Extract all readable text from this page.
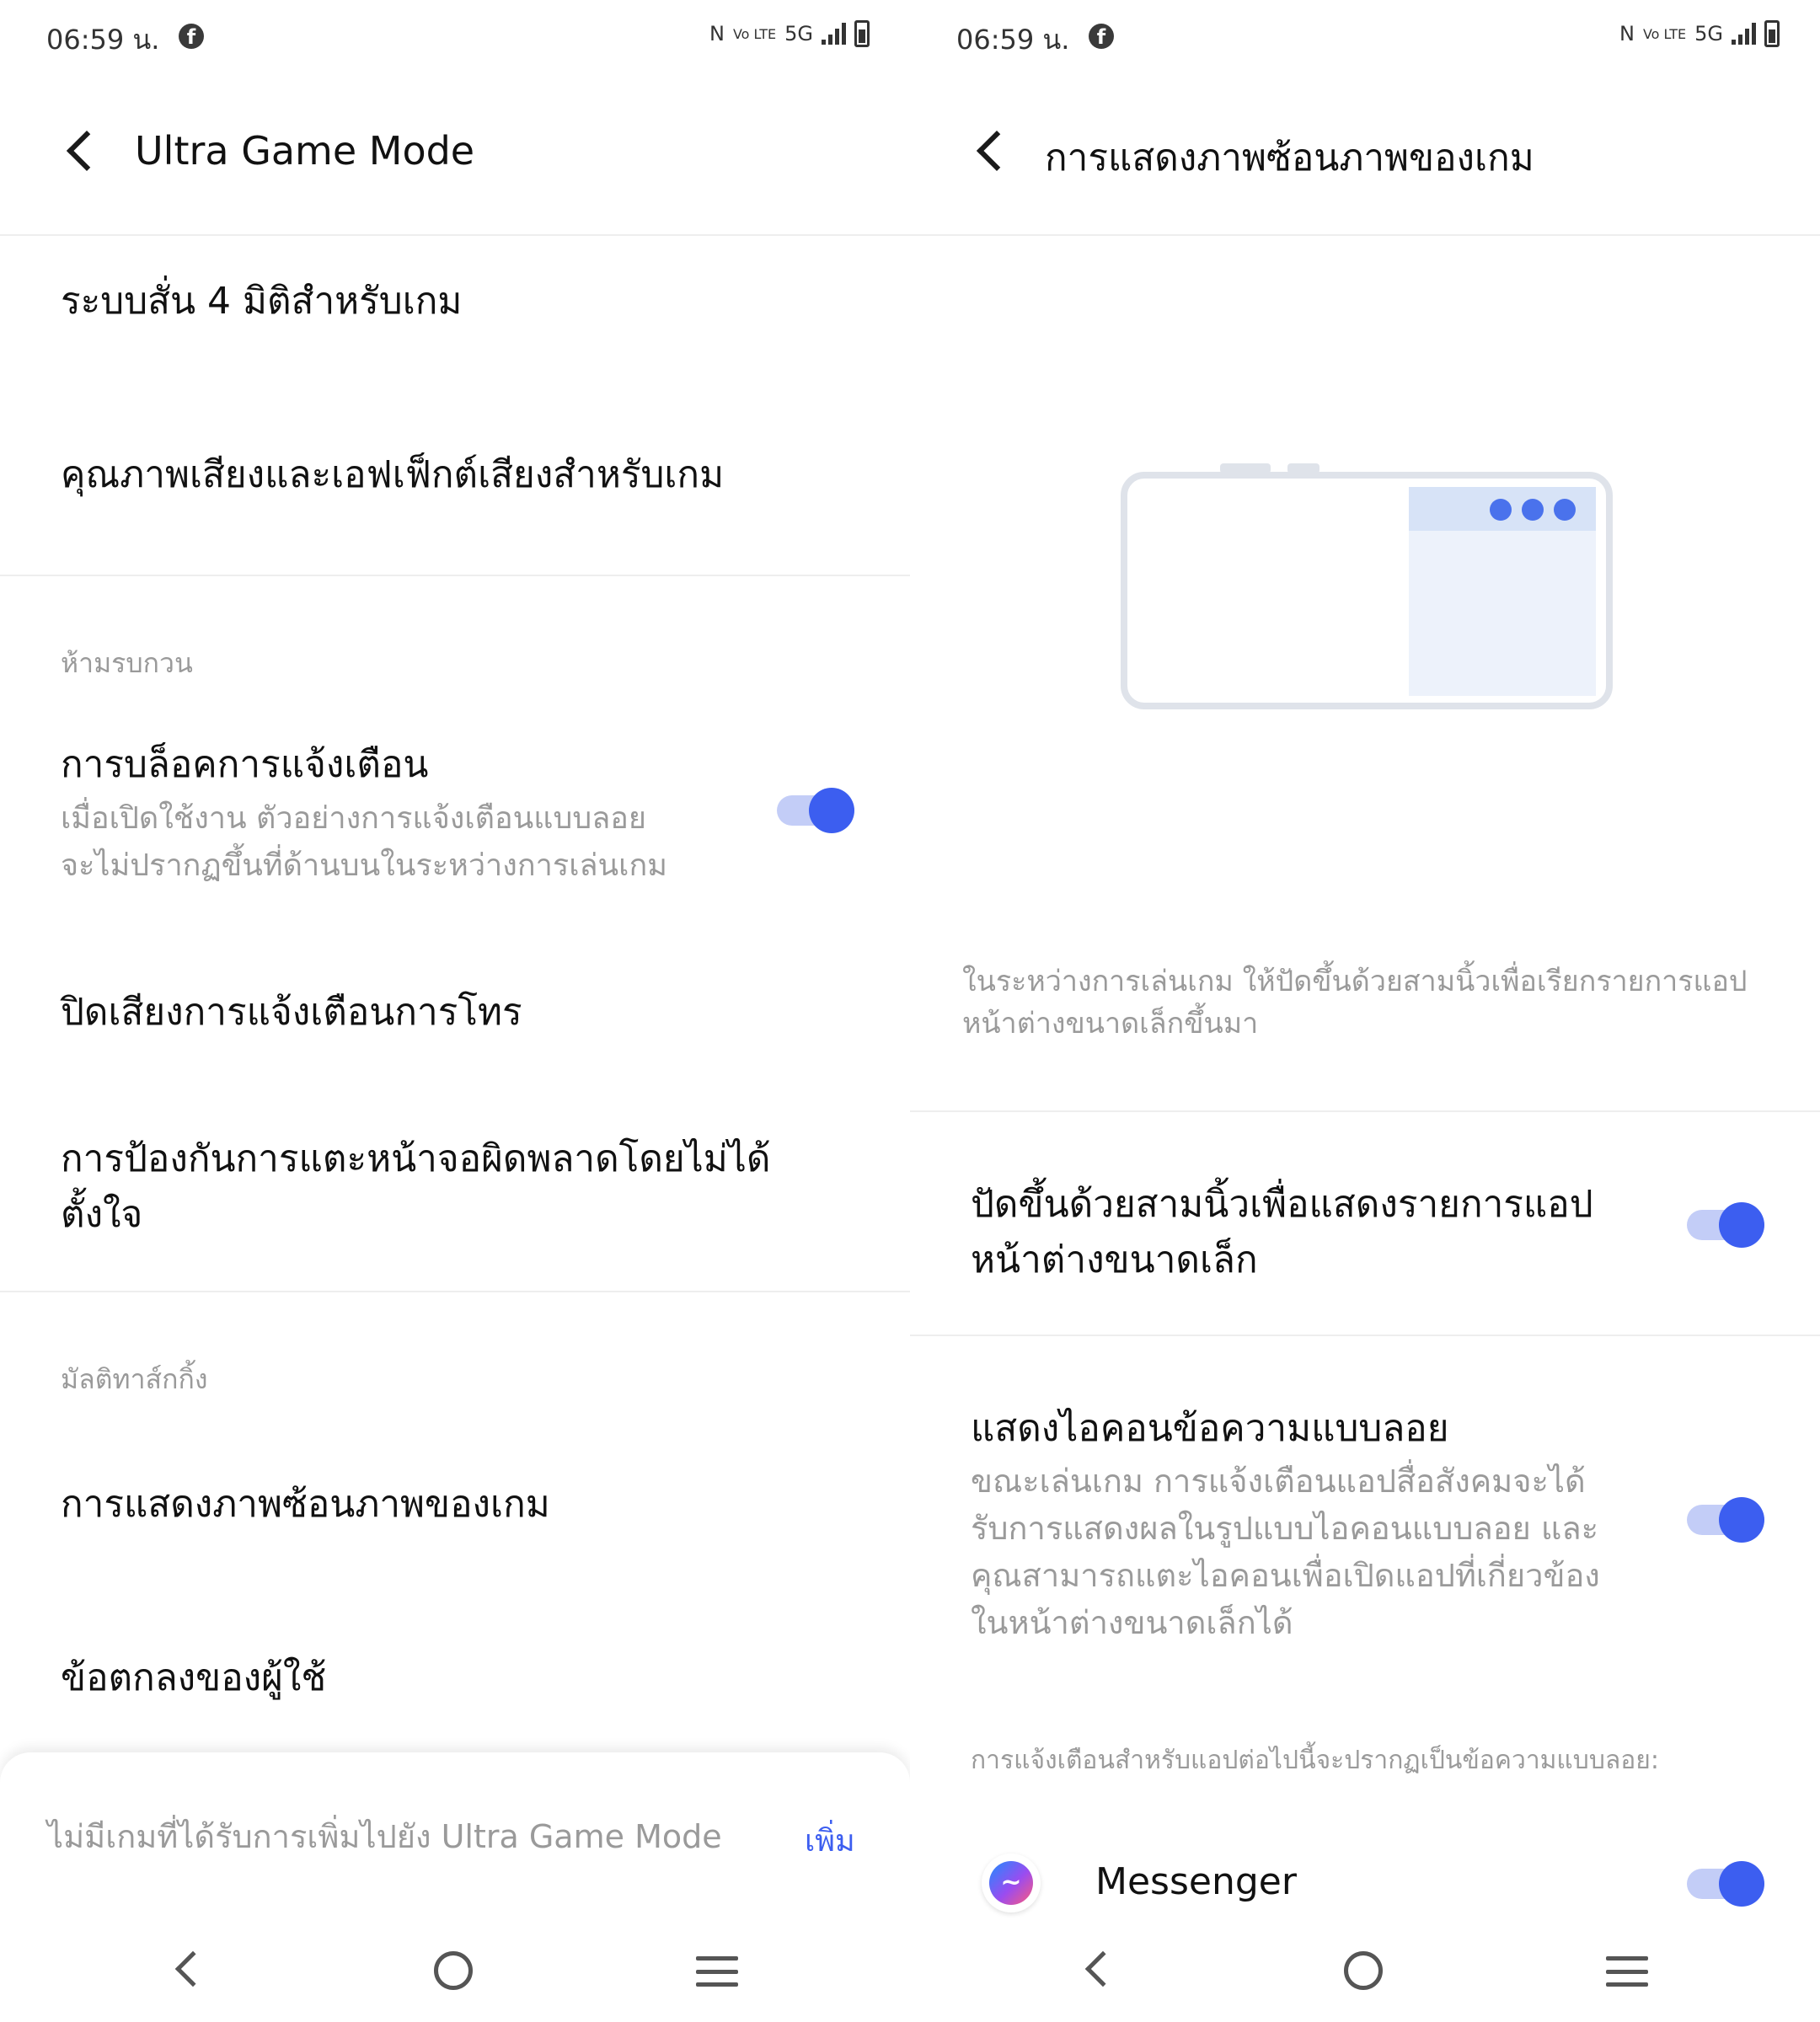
06:59 น.	f	N Vo LTE 5G
Ultra Game Mode
ระบบสั่น 4 มิติสำหรับเกม
คุณภาพเสียงและเอฟเฟ็กต์เสียงสำหรับเกม
ห้ามรบกวน
การบล็อคการแจ้งเตือน
เมื่อเปิดใช้งาน ตัวอย่างการแจ้งเตือนแบบลอย
จะไม่ปรากฏขึ้นที่ด้านบนในระหว่างการเล่นเกม
ปิดเสียงการแจ้งเตือนการโทร
การป้องกันการแตะหน้าจอผิดพลาดโดยไม่ได้
ตั้งใจ
มัลติทาส์กกิ้ง
การแสดงภาพซ้อนภาพของเกม
ข้อตกลงของผู้ใช้
ไม่มีเกมที่ได้รับการเพิ่มไปยัง Ultra Game Mode	เพิ่ม
06:59 น.	f	N Vo LTE 5G
การแสดงภาพซ้อนภาพของเกม
ในระหว่างการเล่นเกม ให้ปัดขึ้นด้วยสามนิ้วเพื่อเรียกรายการแอป
หน้าต่างขนาดเล็กขึ้นมา
ปัดขึ้นด้วยสามนิ้วเพื่อแสดงรายการแอป
หน้าต่างขนาดเล็ก
แสดงไอคอนข้อความแบบลอย
ขณะเล่นเกม การแจ้งเตือนแอปสื่อสังคมจะได้
รับการแสดงผลในรูปแบบไอคอนแบบลอย และ
คุณสามารถแตะไอคอนเพื่อเปิดแอปที่เกี่ยวข้อง
ในหน้าต่างขนาดเล็กได้
การแจ้งเตือนสำหรับแอปต่อไปนี้จะปรากฏเป็นข้อความแบบลอย:
~	Messenger
